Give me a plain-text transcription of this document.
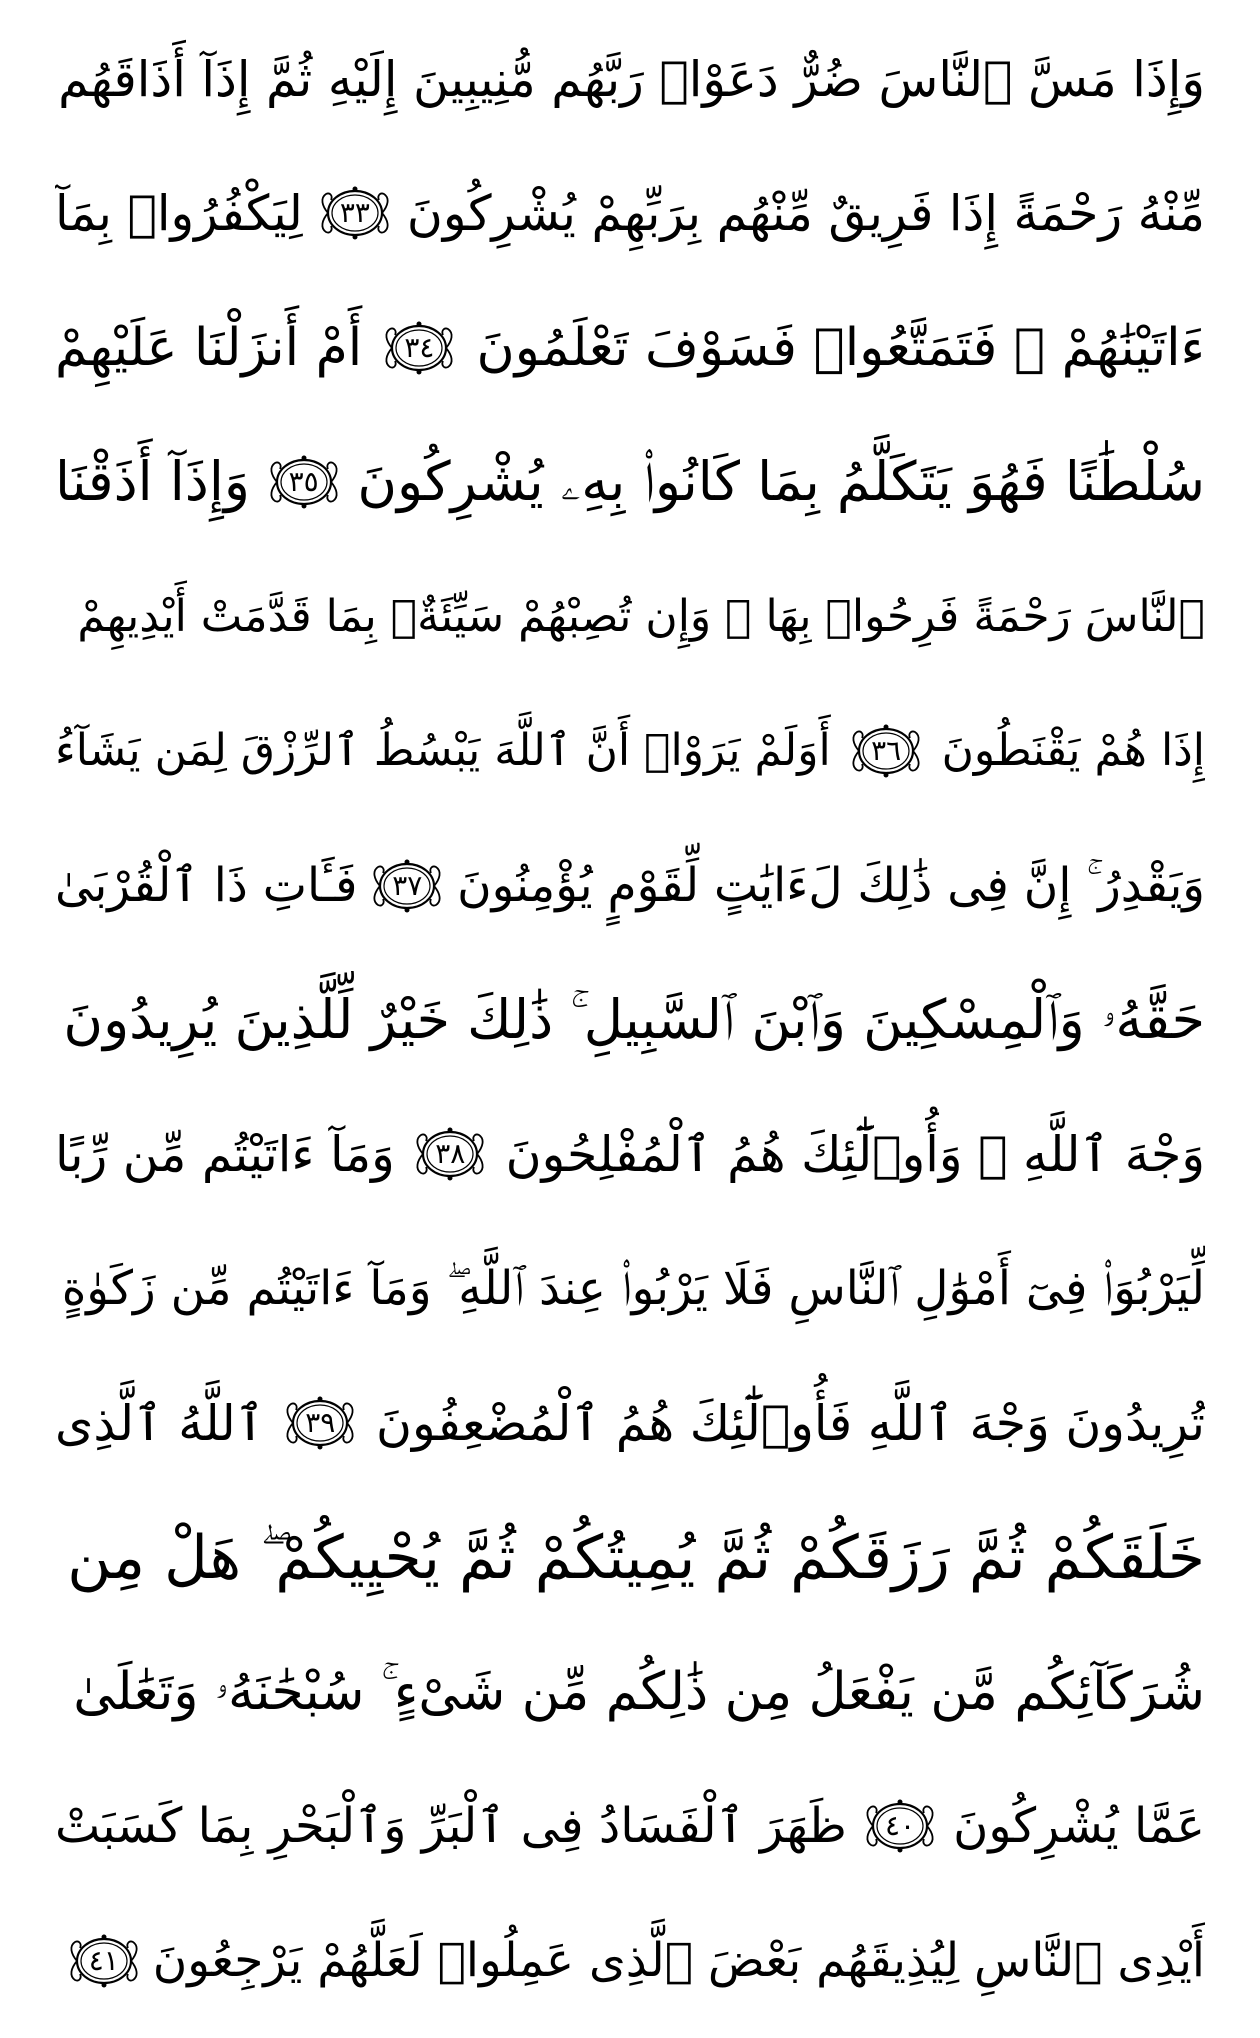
وَإِذَا مَسَّ ٱلنَّاسَ ضُرٌّ دَعَوْا۟ رَبَّهُم مُّنِيبِينَ إِلَيْهِ ثُمَّ إِذَآ أَذَاقَهُم
مِّنْهُ رَحْمَةً إِذَا فَرِيقٌ مِّنْهُم بِرَبِّهِمْ يُشْرِكُونَ
٣٣
لِيَكْفُرُوا۟ بِمَآ
ءَاتَيْنَٰهُمْ ۚ فَتَمَتَّعُوا۟ فَسَوْفَ تَعْلَمُونَ
٣٤
أَمْ أَنزَلْنَا عَلَيْهِمْ
سُلْطَٰنًا فَهُوَ يَتَكَلَّمُ بِمَا كَانُوا۟ بِهِۦ يُشْرِكُونَ
٣٥
وَإِذَآ أَذَقْنَا
ٱلنَّاسَ رَحْمَةً فَرِحُوا۟ بِهَا ۖ وَإِن تُصِبْهُمْ سَيِّئَةٌۢ بِمَا قَدَّمَتْ أَيْدِيهِمْ
إِذَا هُمْ يَقْنَطُونَ
٣٦
أَوَلَمْ يَرَوْا۟ أَنَّ ٱللَّهَ يَبْسُطُ ٱلرِّزْقَ لِمَن يَشَآءُ
وَيَقْدِرُ ۚ إِنَّ فِى ذَٰلِكَ لَءَايَٰتٍ لِّقَوْمٍ يُؤْمِنُونَ
٣٧
فَـَٔاتِ ذَا ٱلْقُرْبَىٰ
حَقَّهُۥ وَٱلْمِسْكِينَ وَٱبْنَ ٱلسَّبِيلِ ۚ ذَٰلِكَ خَيْرٌ لِّلَّذِينَ يُرِيدُونَ
وَجْهَ ٱللَّهِ ۖ وَأُو۟لَٰٓئِكَ هُمُ ٱلْمُفْلِحُونَ
٣٨
وَمَآ ءَاتَيْتُم مِّن رِّبًا
لِّيَرْبُوَا۟ فِىٓ أَمْوَٰلِ ٱلنَّاسِ فَلَا يَرْبُوا۟ عِندَ ٱللَّهِ ۖ وَمَآ ءَاتَيْتُم مِّن زَكَوٰةٍ
تُرِيدُونَ وَجْهَ ٱللَّهِ فَأُو۟لَٰٓئِكَ هُمُ ٱلْمُضْعِفُونَ
٣٩
ٱللَّهُ ٱلَّذِى
خَلَقَكُمْ ثُمَّ رَزَقَكُمْ ثُمَّ يُمِيتُكُمْ ثُمَّ يُحْيِيكُمْ ۖ هَلْ مِن
شُرَكَآئِكُم مَّن يَفْعَلُ مِن ذَٰلِكُم مِّن شَىْءٍ ۚ سُبْحَٰنَهُۥ وَتَعَٰلَىٰ
عَمَّا يُشْرِكُونَ
٤٠
ظَهَرَ ٱلْفَسَادُ فِى ٱلْبَرِّ وَٱلْبَحْرِ بِمَا كَسَبَتْ
أَيْدِى ٱلنَّاسِ لِيُذِيقَهُم بَعْضَ ٱلَّذِى عَمِلُوا۟ لَعَلَّهُمْ يَرْجِعُونَ
٤١
